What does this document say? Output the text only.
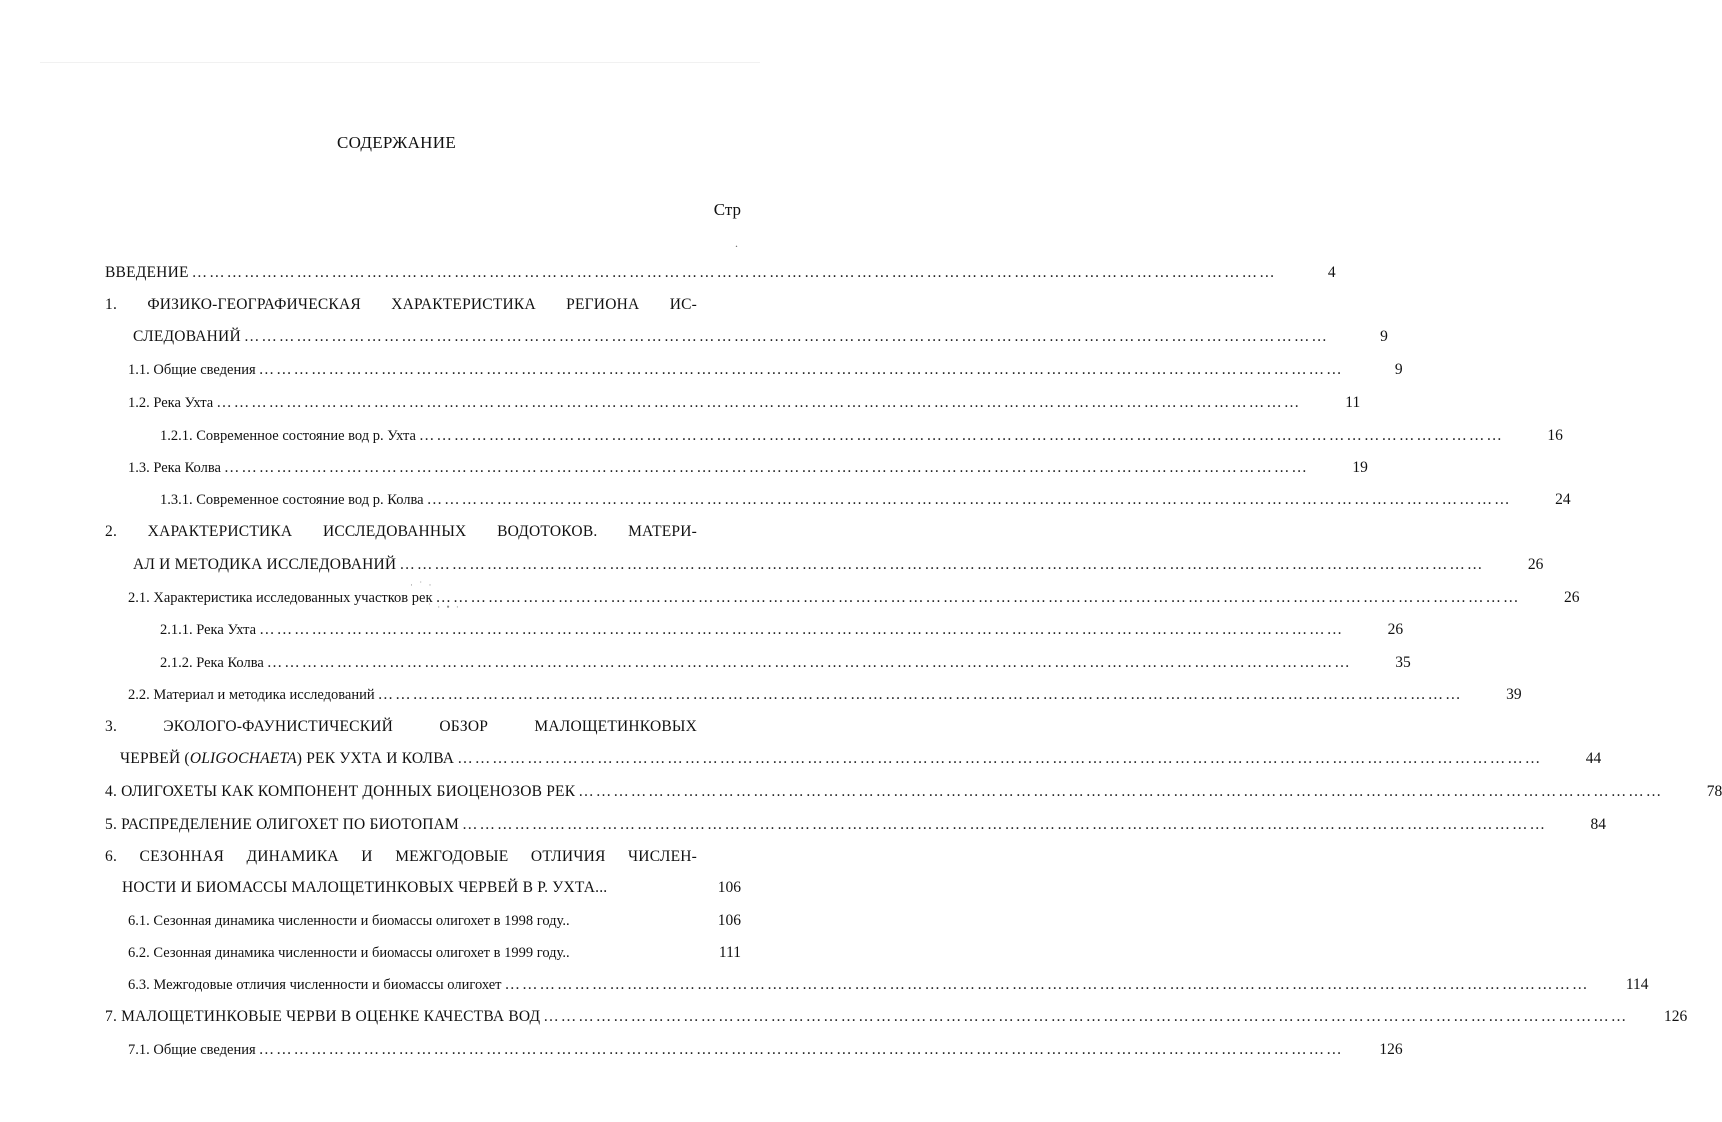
СОДЕРЖАНИЕ
Стр
.
· ˙ ·
˙ · • ·
ВВЕДЕНИЕ ……………………………………………………………………………………………………………………………………………………………………	4
1. ФИЗИКО-ГЕОГРАФИЧЕСКАЯ ХАРАКТЕРИСТИКА РЕГИОНА ИС-
СЛЕДОВАНИЙ ……………………………………………………………………………………………………………………………………………………………………	9
1.1. Общие сведения ……………………………………………………………………………………………………………………………………………………………………	9
1.2. Река Ухта ……………………………………………………………………………………………………………………………………………………………………	11
1.2.1. Современное состояние вод р. Ухта ……………………………………………………………………………………………………………………………………………………………………	16
1.3. Река Колва ……………………………………………………………………………………………………………………………………………………………………	19
1.3.1. Современное состояние вод р. Колва ……………………………………………………………………………………………………………………………………………………………………	24
2. ХАРАКТЕРИСТИКА ИССЛЕДОВАННЫХ ВОДОТОКОВ. МАТЕРИ-
АЛ И МЕТОДИКА ИССЛЕДОВАНИЙ ……………………………………………………………………………………………………………………………………………………………………	26
2.1. Характеристика исследованных участков рек ……………………………………………………………………………………………………………………………………………………………………	26
2.1.1. Река Ухта ……………………………………………………………………………………………………………………………………………………………………	26
2.1.2. Река Колва ……………………………………………………………………………………………………………………………………………………………………	35
2.2. Материал и методика исследований ……………………………………………………………………………………………………………………………………………………………………	39
3. ЭКОЛОГО-ФАУНИСТИЧЕСКИЙ ОБЗОР МАЛОЩЕТИНКОВЫХ
ЧЕРВЕЙ (OLIGOCHAETA) РЕК УХТА И КОЛВА ……………………………………………………………………………………………………………………………………………………………………	44
4. ОЛИГОХЕТЫ КАК КОМПОНЕНТ ДОННЫХ БИОЦЕНОЗОВ РЕК ……………………………………………………………………………………………………………………………………………………………………	78
5. РАСПРЕДЕЛЕНИЕ ОЛИГОХЕТ ПО БИОТОПАМ ……………………………………………………………………………………………………………………………………………………………………	84
6. СЕЗОННАЯ ДИНАМИКА И МЕЖГОДОВЫЕ ОТЛИЧИЯ ЧИСЛЕН-
НОСТИ И БИОМАССЫ МАЛОЩЕТИНКОВЫХ ЧЕРВЕЙ В Р. УХТА...	106
6.1. Сезонная динамика численности и биомассы олигохет в 1998 году..	106
6.2. Сезонная динамика численности и биомассы олигохет в 1999 году..	111
6.3. Межгодовые отличия численности и биомассы олигохет ……………………………………………………………………………………………………………………………………………………………………	114
7. МАЛОЩЕТИНКОВЫЕ ЧЕРВИ В ОЦЕНКЕ КАЧЕСТВА ВОД ……………………………………………………………………………………………………………………………………………………………………	126
7.1. Общие сведения ……………………………………………………………………………………………………………………………………………………………………	126
